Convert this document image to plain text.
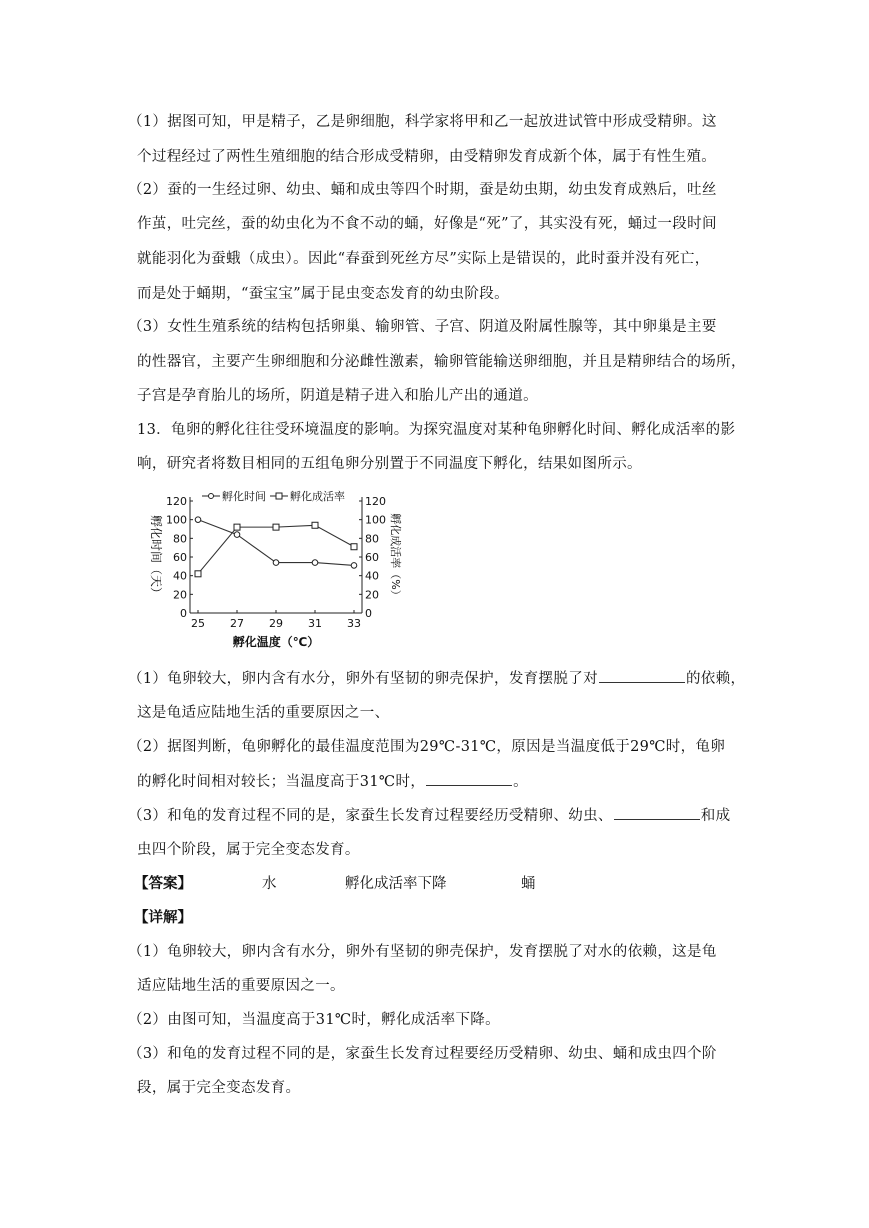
（1）据图可知，甲是精子，乙是卵细胞，科学家将甲和乙一起放进试管中形成受精卵。这
个过程经过了两性生殖细胞的结合形成受精卵，由受精卵发育成新个体，属于有性生殖。
（2）蚕的一生经过卵、幼虫、蛹和成虫等四个时期，蚕是幼虫期，幼虫发育成熟后，吐丝
作茧，吐完丝，蚕的幼虫化为不食不动的蛹，好像是“死”了，其实没有死，蛹过一段时间
就能羽化为蚕蛾（成虫）。因此“春蚕到死丝方尽”实际上是错误的，此时蚕并没有死亡，
而是处于蛹期，“蚕宝宝”属于昆虫变态发育的幼虫阶段。
（3）女性生殖系统的结构包括卵巢、输卵管、子宫、阴道及附属性腺等，其中卵巢是主要
的性器官，主要产生卵细胞和分泌雌性激素，输卵管能输送卵细胞，并且是精卵结合的场所，
子宫是孕育胎儿的场所，阴道是精子进入和胎儿产出的通道。
13．龟卵的孵化往往受环境温度的影响。为探究温度对某种龟卵孵化时间、孵化成活率的影
响，研究者将数目相同的五组龟卵分别置于不同温度下孵化，结果如图所示。
0	0
20	20
40	40
60	60
80	80
100	100
120	120
25 27 29 31 33
孵化温度（℃）
孵化时间（天）	孵化成活率（%）
孵化时间 孵化成活率
（1）龟卵较大，卵内含有水分，卵外有坚韧的卵壳保护，发育摆脱了对	的依赖，
这是龟适应陆地生活的重要原因之一、
（2）据图判断，龟卵孵化的最佳温度范围为29℃-31℃，原因是当温度低于29℃时，龟卵
的孵化时间相对较长；当温度高于31℃时，	。
（3）和龟的发育过程不同的是，家蚕生长发育过程要经历受精卵、幼虫、	和成
虫四个阶段，属于完全变态发育。
【答案】	水	孵化成活率下降	蛹
【详解】
（1）龟卵较大，卵内含有水分，卵外有坚韧的卵壳保护，发育摆脱了对水的依赖，这是龟
适应陆地生活的重要原因之一。
（2）由图可知，当温度高于31℃时，孵化成活率下降。
（3）和龟的发育过程不同的是，家蚕生长发育过程要经历受精卵、幼虫、蛹和成虫四个阶
段，属于完全变态发育。
